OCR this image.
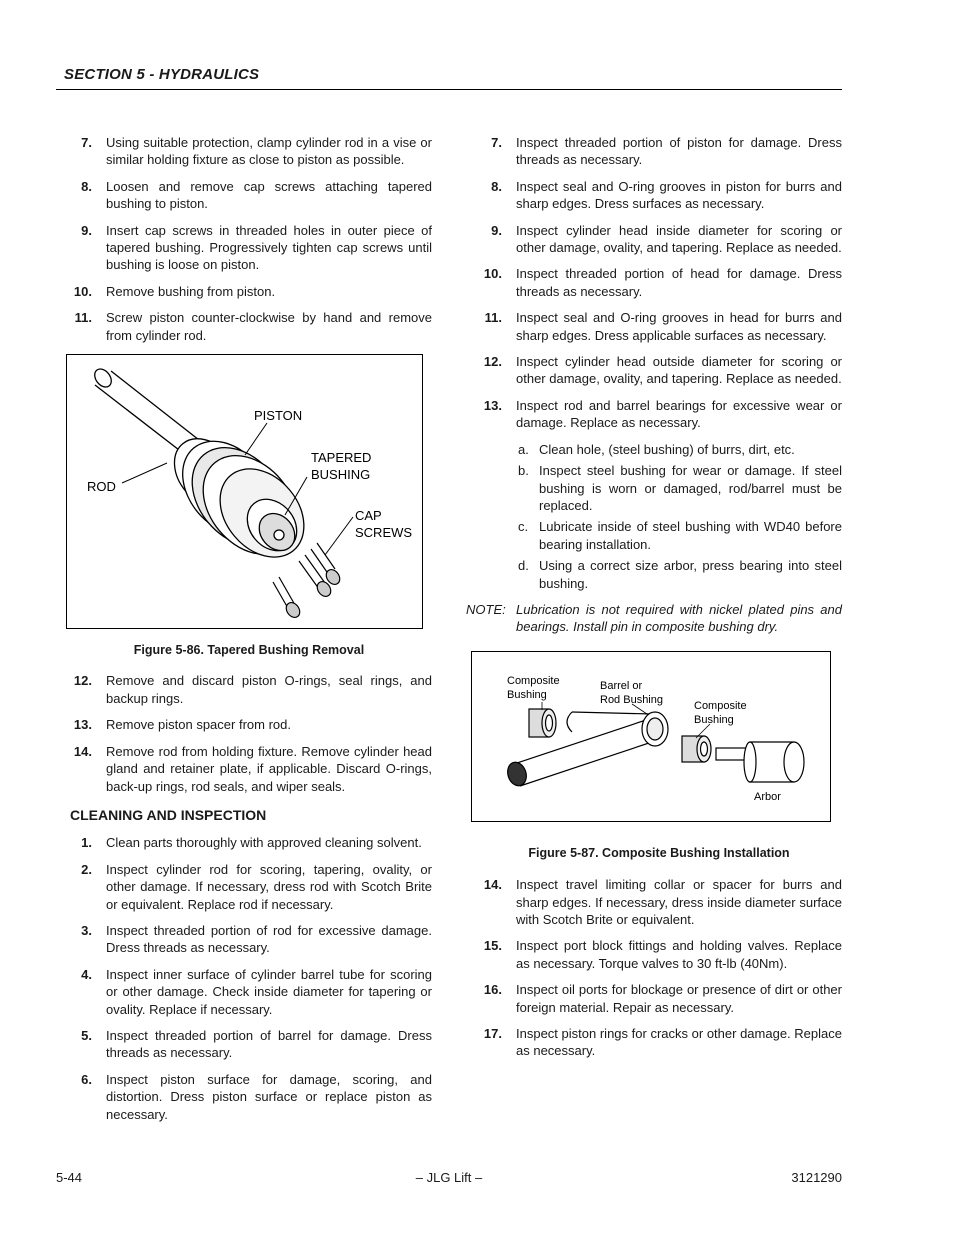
SECTION 5 - HYDRAULICS
7. Using suitable protection, clamp cylinder rod in a vise or similar holding fixture as close to piston as possible.
8. Loosen and remove cap screws attaching tapered bushing to piston.
9. Insert cap screws in threaded holes in outer piece of tapered bushing. Progressively tighten cap screws until bushing is loose on piston.
10. Remove bushing from piston.
11. Screw piston counter-clockwise by hand and remove from cylinder rod.
PISTON
TAPERED
BUSHING
ROD
CAP
SCREWS
Figure 5-86. Tapered Bushing Removal
12. Remove and discard piston O-rings, seal rings, and backup rings.
13. Remove piston spacer from rod.
14. Remove rod from holding fixture. Remove cylinder head gland and retainer plate, if applicable. Discard O-rings, back-up rings, rod seals, and wiper seals.
CLEANING AND INSPECTION
1. Clean parts thoroughly with approved cleaning solvent.
2. Inspect cylinder rod for scoring, tapering, ovality, or other damage. If necessary, dress rod with Scotch Brite or equivalent. Replace rod if necessary.
3. Inspect threaded portion of rod for excessive damage. Dress threads as necessary.
4. Inspect inner surface of cylinder barrel tube for scoring or other damage. Check inside diameter for tapering or ovality. Replace if necessary.
5. Inspect threaded portion of barrel for damage. Dress threads as necessary.
6. Inspect piston surface for damage, scoring, and distortion. Dress piston surface or replace piston as necessary.
7. Inspect threaded portion of piston for damage. Dress threads as necessary.
8. Inspect seal and O-ring grooves in piston for burrs and sharp edges. Dress surfaces as necessary.
9. Inspect cylinder head inside diameter for scoring or other damage, ovality, and tapering. Replace as needed.
10. Inspect threaded portion of head for damage. Dress threads as necessary.
11. Inspect seal and O-ring grooves in head for burrs and sharp edges. Dress applicable surfaces as necessary.
12. Inspect cylinder head outside diameter for scoring or other damage, ovality, and tapering. Replace as needed.
13. Inspect rod and barrel bearings for excessive wear or damage. Replace as necessary.
a. Clean hole, (steel bushing) of burrs, dirt, etc.
b. Inspect steel bushing for wear or damage. If steel bushing is worn or damaged, rod/barrel must be replaced.
c. Lubricate inside of steel bushing with WD40 before bearing installation.
d. Using a correct size arbor, press bearing into steel bushing.
NOTE: Lubrication is not required with nickel plated pins and bearings. Install pin in composite bushing dry.
Composite
Bushing
Barrel or
Rod Bushing	Composite
Bushing
Arbor
Figure 5-87. Composite Bushing Installation
14. Inspect travel limiting collar or spacer for burrs and sharp edges. If necessary, dress inside diameter surface with Scotch Brite or equivalent.
15. Inspect port block fittings and holding valves. Replace as necessary. Torque valves to 30 ft-lb (40Nm).
16. Inspect oil ports for blockage or presence of dirt or other foreign material. Repair as necessary.
17. Inspect piston rings for cracks or other damage. Replace as necessary.
5-44	– JLG Lift –	3121290
